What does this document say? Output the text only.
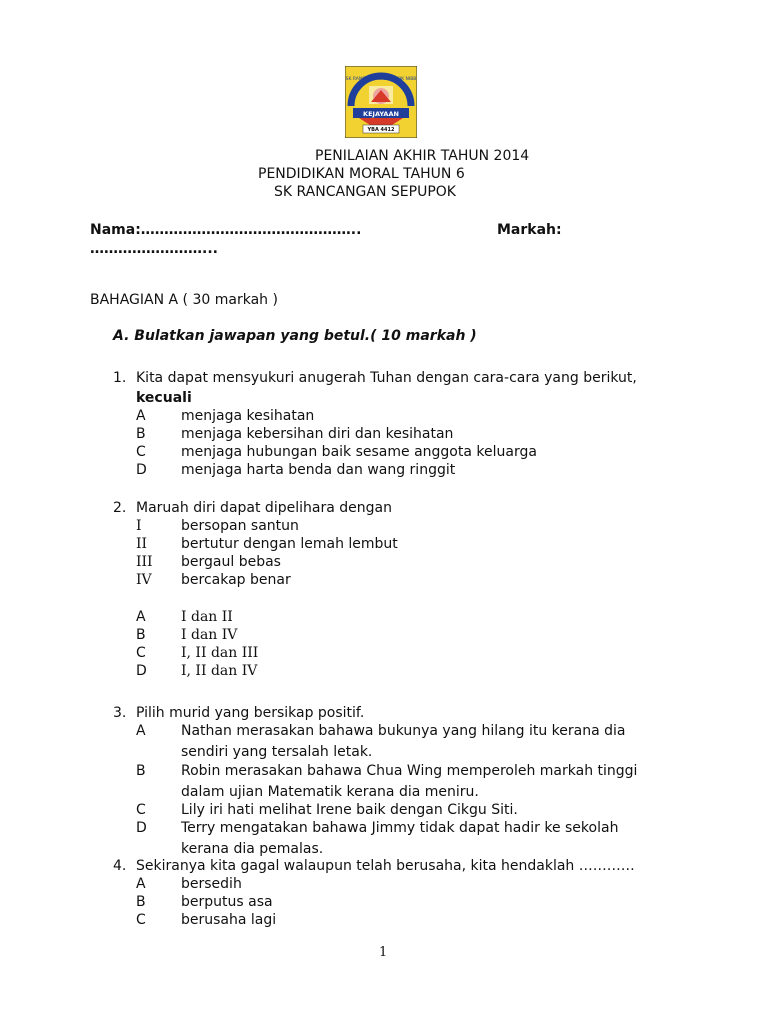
SK RANCANGAN SEPUPOK NIBB
KEJAYAAN
YBA 4412
PENILAIAN AKHIR TAHUN 2014
PENDIDIKAN MORAL TAHUN 6
SK RANCANGAN SEPUPOK
Nama:………………………………………..	Markah:
……………………...
BAHAGIAN A ( 30 markah )
A. Bulatkan jawapan yang betul.( 10 markah )
1. Kita dapat mensyukuri anugerah Tuhan dengan cara-cara yang berikut,
kecuali
A	menjaga kesihatan
B	menjaga kebersihan diri dan kesihatan
C	menjaga hubungan baik sesame anggota keluarga
D menjaga harta benda dan wang ringgit
2. Maruah diri dapat dipelihara dengan
I	bersopan santun
II bertutur dengan lemah lembut
III bergaul bebas
IV bercakap benar
A	I dan II
B	I dan IV
C	I, II dan III
D I, II dan IV
3. Pilih murid yang bersikap positif.
A	Nathan merasakan bahawa bukunya yang hilang itu kerana dia
sendiri yang tersalah letak.
B	Robin merasakan bahawa Chua Wing memperoleh markah tinggi
dalam ujian Matematik kerana dia meniru.
C	Lily iri hati melihat Irene baik dengan Cikgu Siti.
D Terry mengatakan bahawa Jimmy tidak dapat hadir ke sekolah
kerana dia pemalas.
4. Sekiranya kita gagal walaupun telah berusaha, kita hendaklah …………
A	bersedih
B	berputus asa
C	berusaha lagi
1
